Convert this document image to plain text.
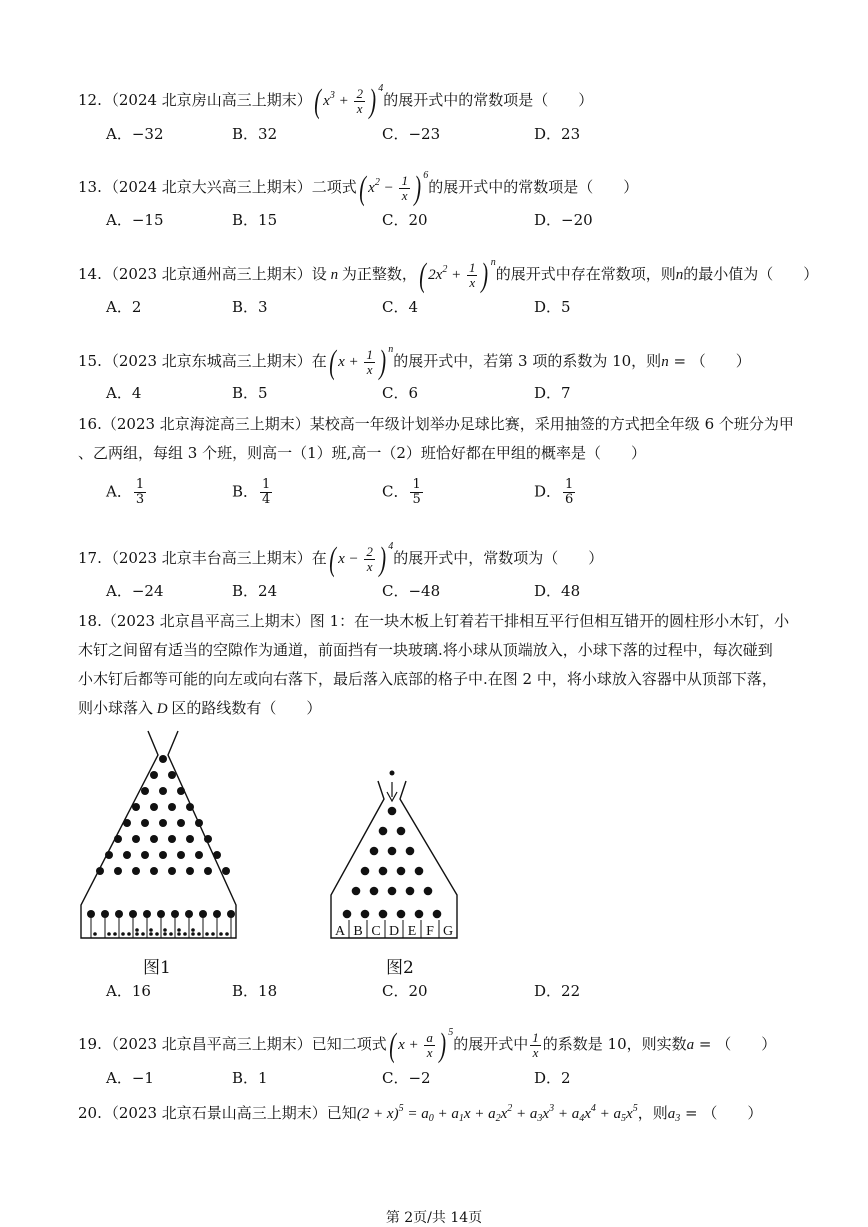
12. （2024 北京房山高三上期末）( $x^3 + \frac{2}{x}$ ) $^4$的展开式中的常数项是（　　）
A．−32	B．32	C．−23	D．23
13. （2024 北京大兴高三上期末）二项式( $x^2 - \frac{1}{x}$ ) $^6$的展开式中的常数项是（　　）
A．−15	B．15	C．20	D．−20
14. （2023 北京通州高三上期末）设 n 为正整数，( $2x^2 + \frac{1}{x}$ ) $^n$的展开式中存在常数项，则n的最小值为（　　）
A．2	B．3	C．4	D．5
15. （2023 北京东城高三上期末）在( $x + \frac{1}{x}$ ) $^n$的展开式中，若第 3 项的系数为 10，则n = （　　）
A．4	B．5	C．6	D．7
16.（2023 北京海淀高三上期末）某校高一年级计划举办足球比赛，采用抽签的方式把全年级 6 个班分为甲
、乙两组，每组 3 个班，则高一（1）班,高一（2）班恰好都在甲组的概率是（　　）
A． $\frac{1}{3}$	B． $\frac{1}{4}$	C． $\frac{1}{5}$	D． $\frac{1}{6}$
17. （2023 北京丰台高三上期末）在( $x - \frac{2}{x}$ ) $^4$的展开式中，常数项为（　　）
A．−24	B．24	C．−48	D．48
18.（2023 北京昌平高三上期末）图 1：在一块木板上钉着若干排相互平行但相互错开的圆柱形小木钉，小
木钉之间留有适当的空隙作为通道，前面挡有一块玻璃.将小球从顶端放入，小球下落的过程中，每次碰到
小木钉后都等可能的向左或向右落下，最后落入底部的格子中.在图 2 中，将小球放入容器中从顶部下落，
则小球落入 D 区的路线数有（　　）
A B C D E F G
图1	图2
A．16	B．18	C．20	D．22
19. （2023 北京昌平高三上期末）已知二项式( $x + \frac{a}{x}$ ) $^5$的展开式中 $\frac{1}{x}$ 的系数是 10，则实数a = （　　）
A．−1	B．1	C．−2	D．2
20. （2023 北京石景山高三上期末）已知$(2 + x)^5 = a_0 + a_1x + a_2x^2 + a_3x^3 + a_4x^4 + a_5x^5$，则$a_3$ = （　　）
第 2页/共 14页
